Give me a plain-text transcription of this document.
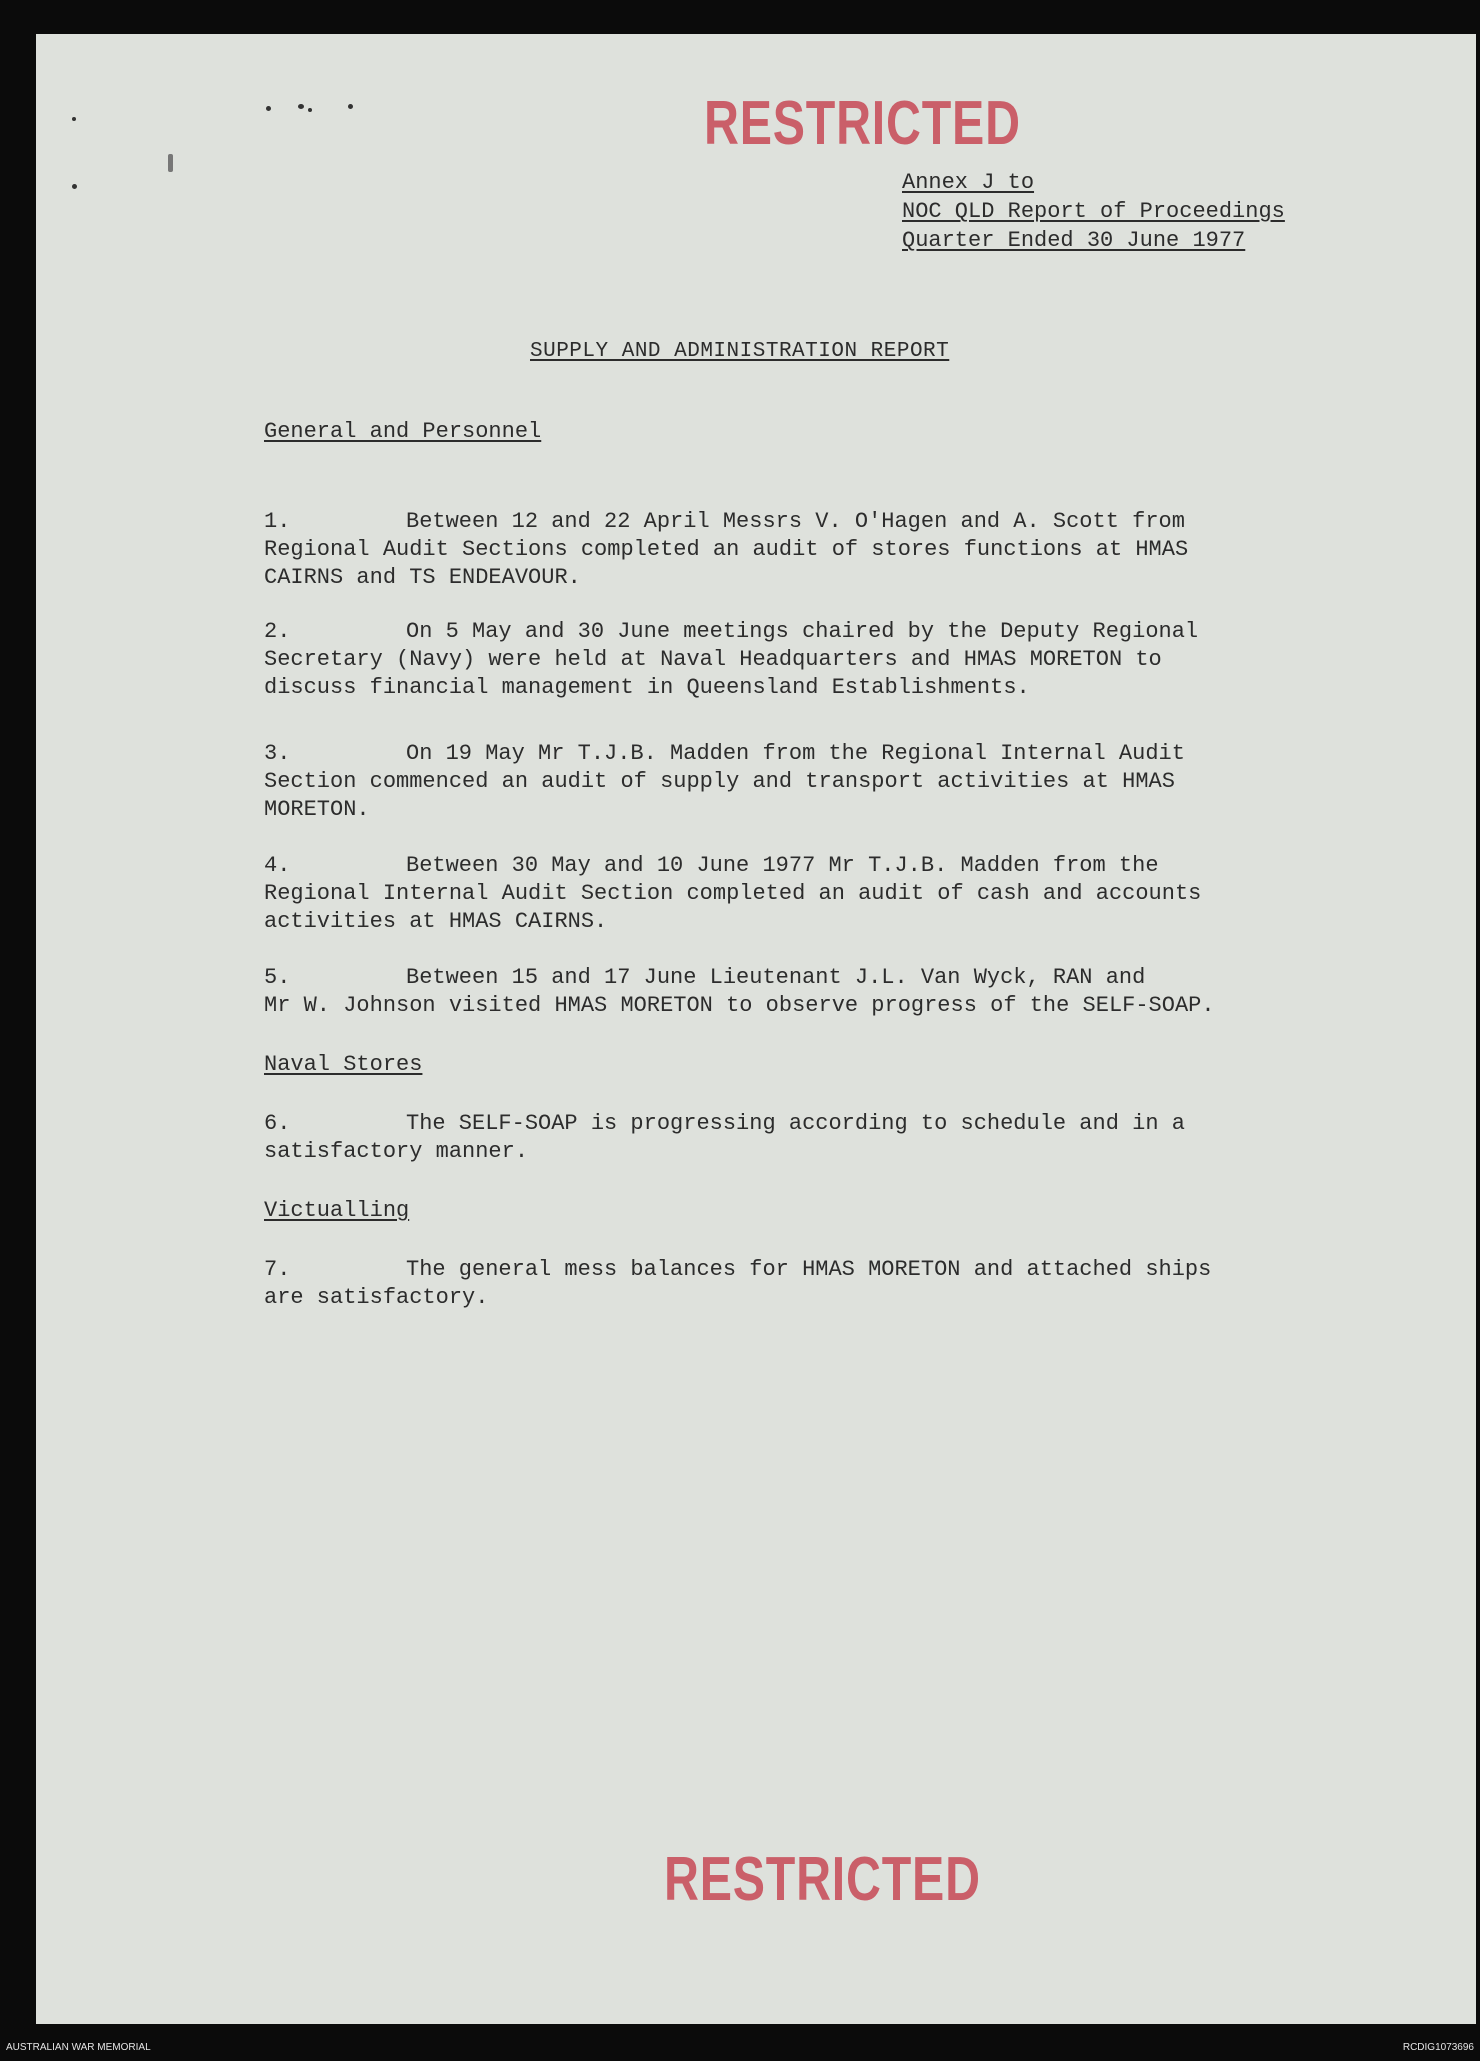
RESTRICTED
Annex J to
NOC QLD Report of Proceedings
Quarter Ended 30 June 1977
SUPPLY AND ADMINISTRATION REPORT
General and Personnel

1.	Between 12 and 22 April Messrs V. O'Hagen and A. Scott from
Regional Audit Sections completed an audit of stores functions at HMAS
CAIRNS and TS ENDEAVOUR.

2.	On 5 May and 30 June meetings chaired by the Deputy Regional
Secretary (Navy) were held at Naval Headquarters and HMAS MORETON to
discuss financial management in Queensland Establishments.

3.	On 19 May Mr T.J.B. Madden from the Regional Internal Audit
Section commenced an audit of supply and transport activities at HMAS
MORETON.

4.	Between 30 May and 10 June 1977 Mr T.J.B. Madden from the
Regional Internal Audit Section completed an audit of cash and accounts
activities at HMAS CAIRNS.

5.	Between 15 and 17 June Lieutenant J.L. Van Wyck, RAN and
Mr W. Johnson visited HMAS MORETON to observe progress of the SELF-SOAP.

Naval Stores

6.	The SELF-SOAP is progressing according to schedule and in a
satisfactory manner.

Victualling

7.	The general mess balances for HMAS MORETON and attached ships
are satisfactory.

RESTRICTED
AUSTRALIAN WAR MEMORIAL	RCDIG1073696
